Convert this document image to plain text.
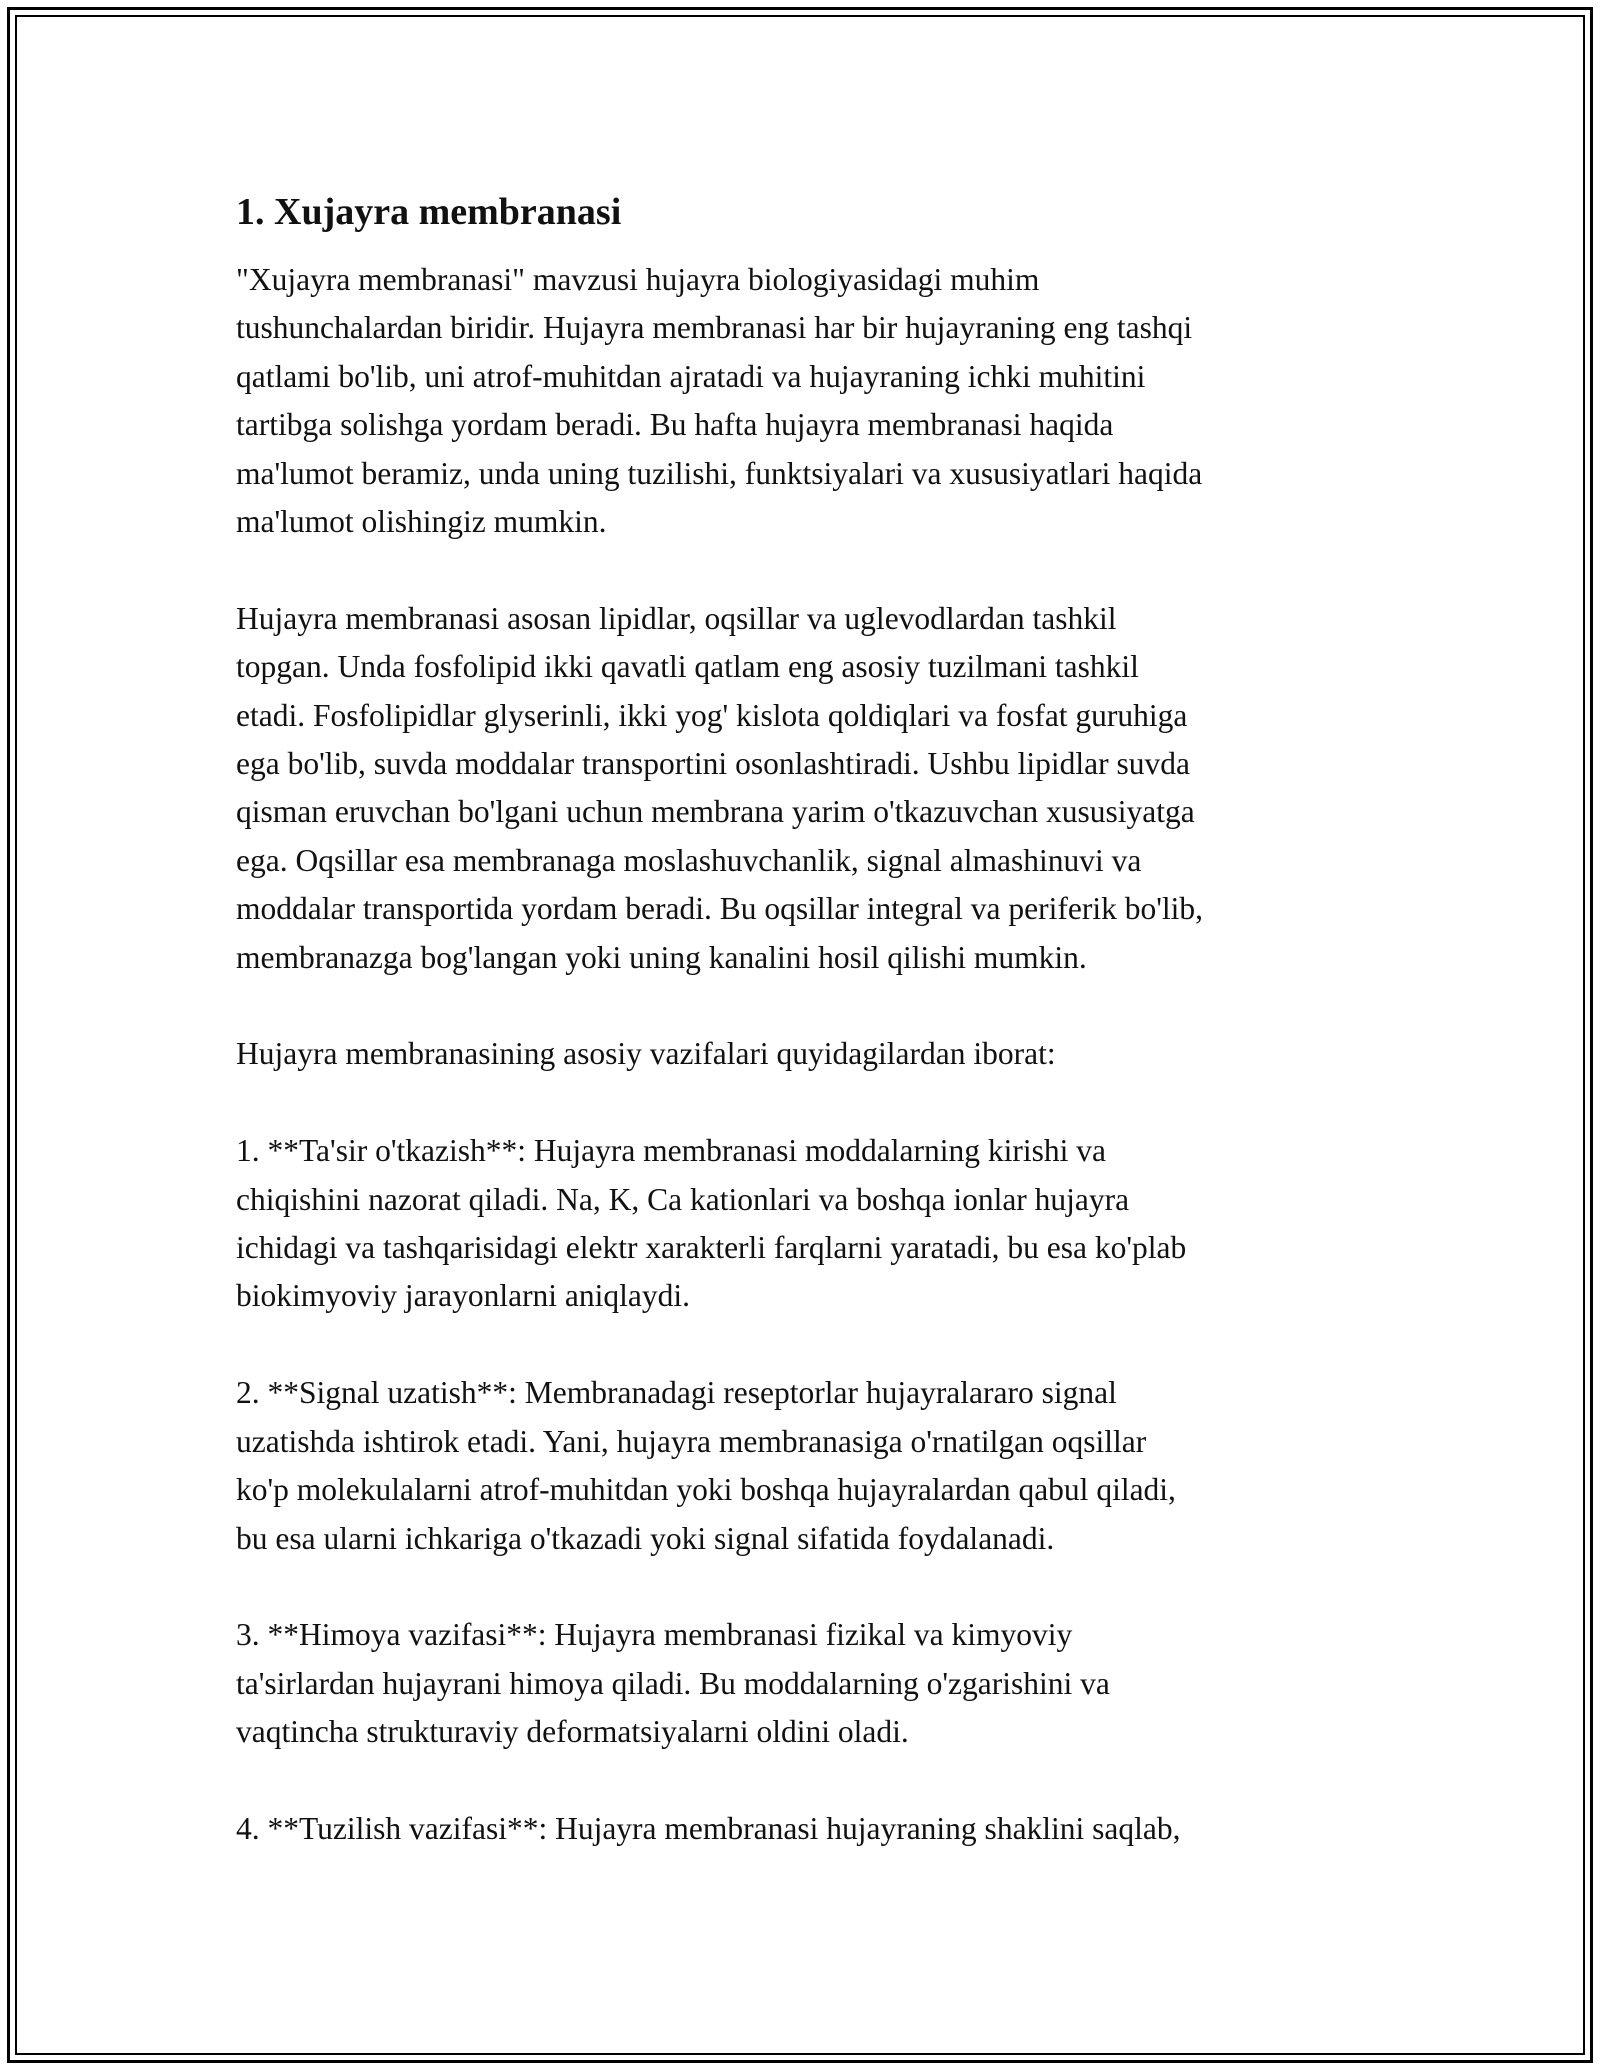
1. Xujayra membranasi

"Xujayra membranasi" mavzusi hujayra biologiyasidagi muhim
tushunchalardan biridir. Hujayra membranasi har bir hujayraning eng tashqi
qatlami bo'lib, uni atrof-muhitdan ajratadi va hujayraning ichki muhitini
tartibga solishga yordam beradi. Bu hafta hujayra membranasi haqida
ma'lumot beramiz, unda uning tuzilishi, funktsiyalari va xususiyatlari haqida
ma'lumot olishingiz mumkin.

Hujayra membranasi asosan lipidlar, oqsillar va uglevodlardan tashkil
topgan. Unda fosfolipid ikki qavatli qatlam eng asosiy tuzilmani tashkil
etadi. Fosfolipidlar glyserinli, ikki yog' kislota qoldiqlari va fosfat guruhiga
ega bo'lib, suvda moddalar transportini osonlashtiradi. Ushbu lipidlar suvda
qisman eruvchan bo'lgani uchun membrana yarim o'tkazuvchan xususiyatga
ega. Oqsillar esa membranaga moslashuvchanlik, signal almashinuvi va
moddalar transportida yordam beradi. Bu oqsillar integral va periferik bo'lib,
membranazga bog'langan yoki uning kanalini hosil qilishi mumkin.

Hujayra membranasining asosiy vazifalari quyidagilardan iborat:

1. **Ta'sir o'tkazish**: Hujayra membranasi moddalarning kirishi va
chiqishini nazorat qiladi. Na, K, Ca kationlari va boshqa ionlar hujayra
ichidagi va tashqarisidagi elektr xarakterli farqlarni yaratadi, bu esa ko'plab
biokimyoviy jarayonlarni aniqlaydi.

2. **Signal uzatish**: Membranadagi reseptorlar hujayralararo signal
uzatishda ishtirok etadi. Yani, hujayra membranasiga o'rnatilgan oqsillar
ko'p molekulalarni atrof-muhitdan yoki boshqa hujayralardan qabul qiladi,
bu esa ularni ichkariga o'tkazadi yoki signal sifatida foydalanadi.

3. **Himoya vazifasi**: Hujayra membranasi fizikal va kimyoviy
ta'sirlardan hujayrani himoya qiladi. Bu moddalarning o'zgarishini va
vaqtincha strukturaviy deformatsiyalarni oldini oladi.

4. **Tuzilish vazifasi**: Hujayra membranasi hujayraning shaklini saqlab,
